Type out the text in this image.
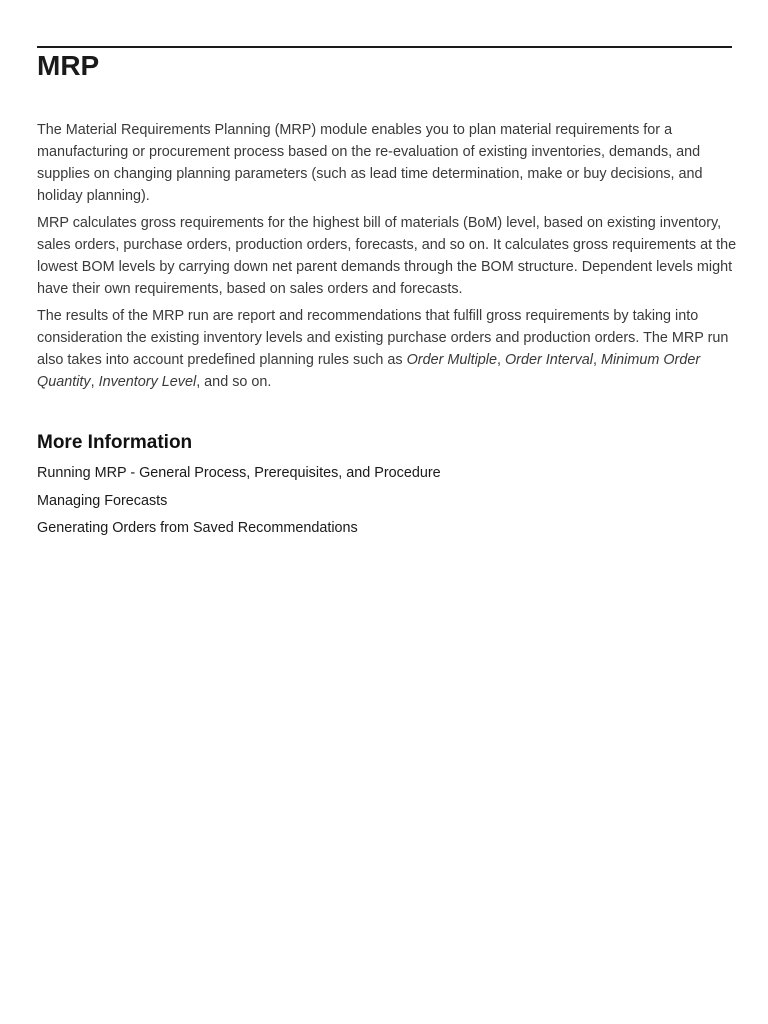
MRP

The Material Requirements Planning (MRP) module enables you to plan material requirements for a manufacturing or procurement process based on the re-evaluation of existing inventories, demands, and supplies on changing planning parameters (such as lead time determination, make or buy decisions, and holiday planning).

MRP calculates gross requirements for the highest bill of materials (BoM) level, based on existing inventory, sales orders, purchase orders, production orders, forecasts, and so on. It calculates gross requirements at the lowest BOM levels by carrying down net parent demands through the BOM structure. Dependent levels might have their own requirements, based on sales orders and forecasts.

The results of the MRP run are report and recommendations that fulfill gross requirements by taking into consideration the existing inventory levels and existing purchase orders and production orders. The MRP run also takes into account predefined planning rules such as Order Multiple, Order Interval, Minimum Order Quantity, Inventory Level, and so on.

More Information
Running MRP - General Process, Prerequisites, and Procedure
Managing Forecasts
Generating Orders from Saved Recommendations
